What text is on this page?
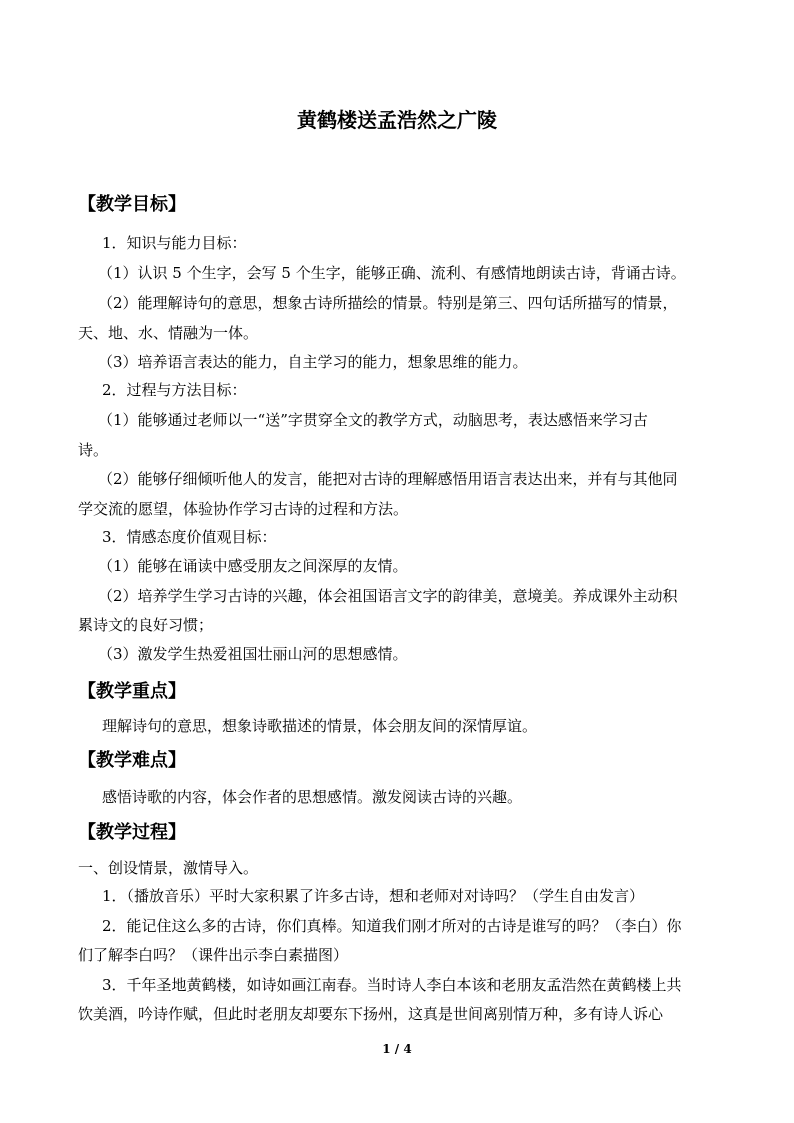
黄鹤楼送孟浩然之广陵
【教学目标】
1．知识与能力目标：
（1）认识 5 个生字，会写 5 个生字，能够正确、流利、有感情地朗读古诗，背诵古诗。
（2）能理解诗句的意思，想象古诗所描绘的情景。特别是第三、四句话所描写的情景，
天、地、水、情融为一体。
（3）培养语言表达的能力，自主学习的能力，想象思维的能力。
2．过程与方法目标：
（1）能够通过老师以一“送”字贯穿全文的教学方式，动脑思考，表达感悟来学习古
诗。
（2）能够仔细倾听他人的发言，能把对古诗的理解感悟用语言表达出来，并有与其他同
学交流的愿望，体验协作学习古诗的过程和方法。
3．情感态度价值观目标：
（1）能够在诵读中感受朋友之间深厚的友情。
（2）培养学生学习古诗的兴趣，体会祖国语言文字的韵律美，意境美。养成课外主动积
累诗文的良好习惯；
（3）激发学生热爱祖国壮丽山河的思想感情。
【教学重点】
理解诗句的意思，想象诗歌描述的情景，体会朋友间的深情厚谊。
【教学难点】
感悟诗歌的内容，体会作者的思想感情。激发阅读古诗的兴趣。
【教学过程】
一、创设情景，激情导入。
1．（播放音乐）平时大家积累了许多古诗，想和老师对对诗吗？（学生自由发言）
2．能记住这么多的古诗，你们真棒。知道我们刚才所对的古诗是谁写的吗？（李白）你
们了解李白吗？（课件出示李白素描图）
3．千年圣地黄鹤楼，如诗如画江南春。当时诗人李白本该和老朋友孟浩然在黄鹤楼上共
饮美酒，吟诗作赋，但此时老朋友却要东下扬州，这真是世间离别情万种，多有诗人诉心
1 / 4
